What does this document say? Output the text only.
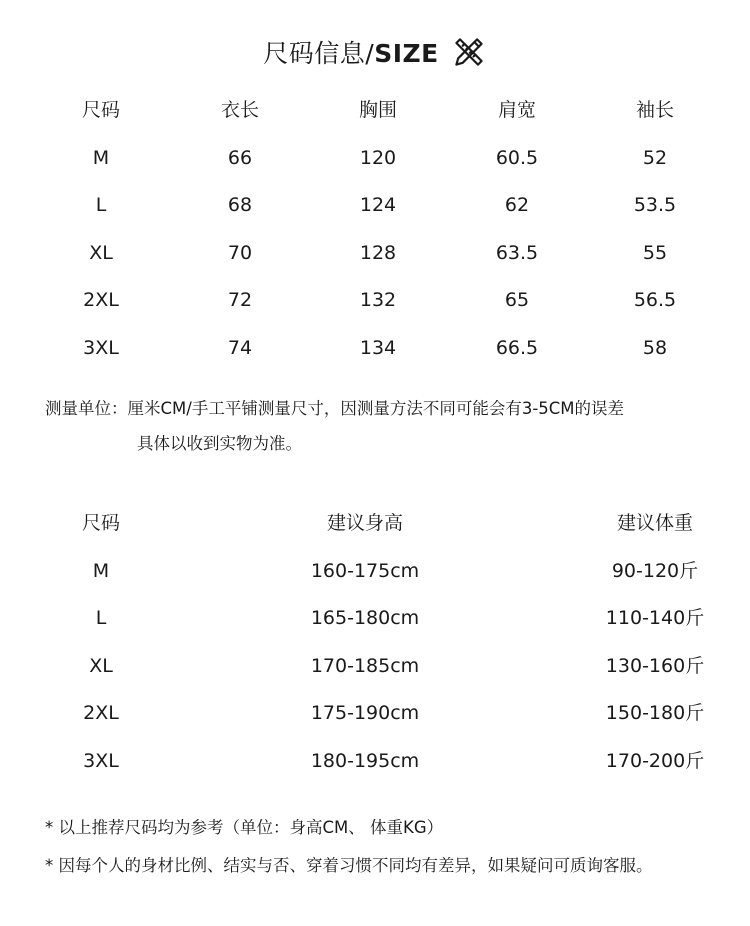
尺码信息/SIZE
尺码	衣长	胸围	肩宽	袖长
M	66	120	60.5	52
L	68	124	62	53.5
XL	70	128	63.5	55
2XL	72	132	65	56.5
3XL	74	134	66.5	58
测量单位：厘米CM/手工平铺测量尺寸，因测量方法不同可能会有3-5CM的误差
具体以收到实物为准。
尺码	建议身高	建议体重
M	160-175cm	90-120斤
L	165-180cm	110-140斤
XL	170-185cm	130-160斤
2XL	175-190cm	150-180斤
3XL	180-195cm	170-200斤
* 以上推荐尺码均为参考（单位：身高CM、 体重KG）
* 因每个人的身材比例、结实与否、穿着习惯不同均有差异，如果疑问可质询客服。
